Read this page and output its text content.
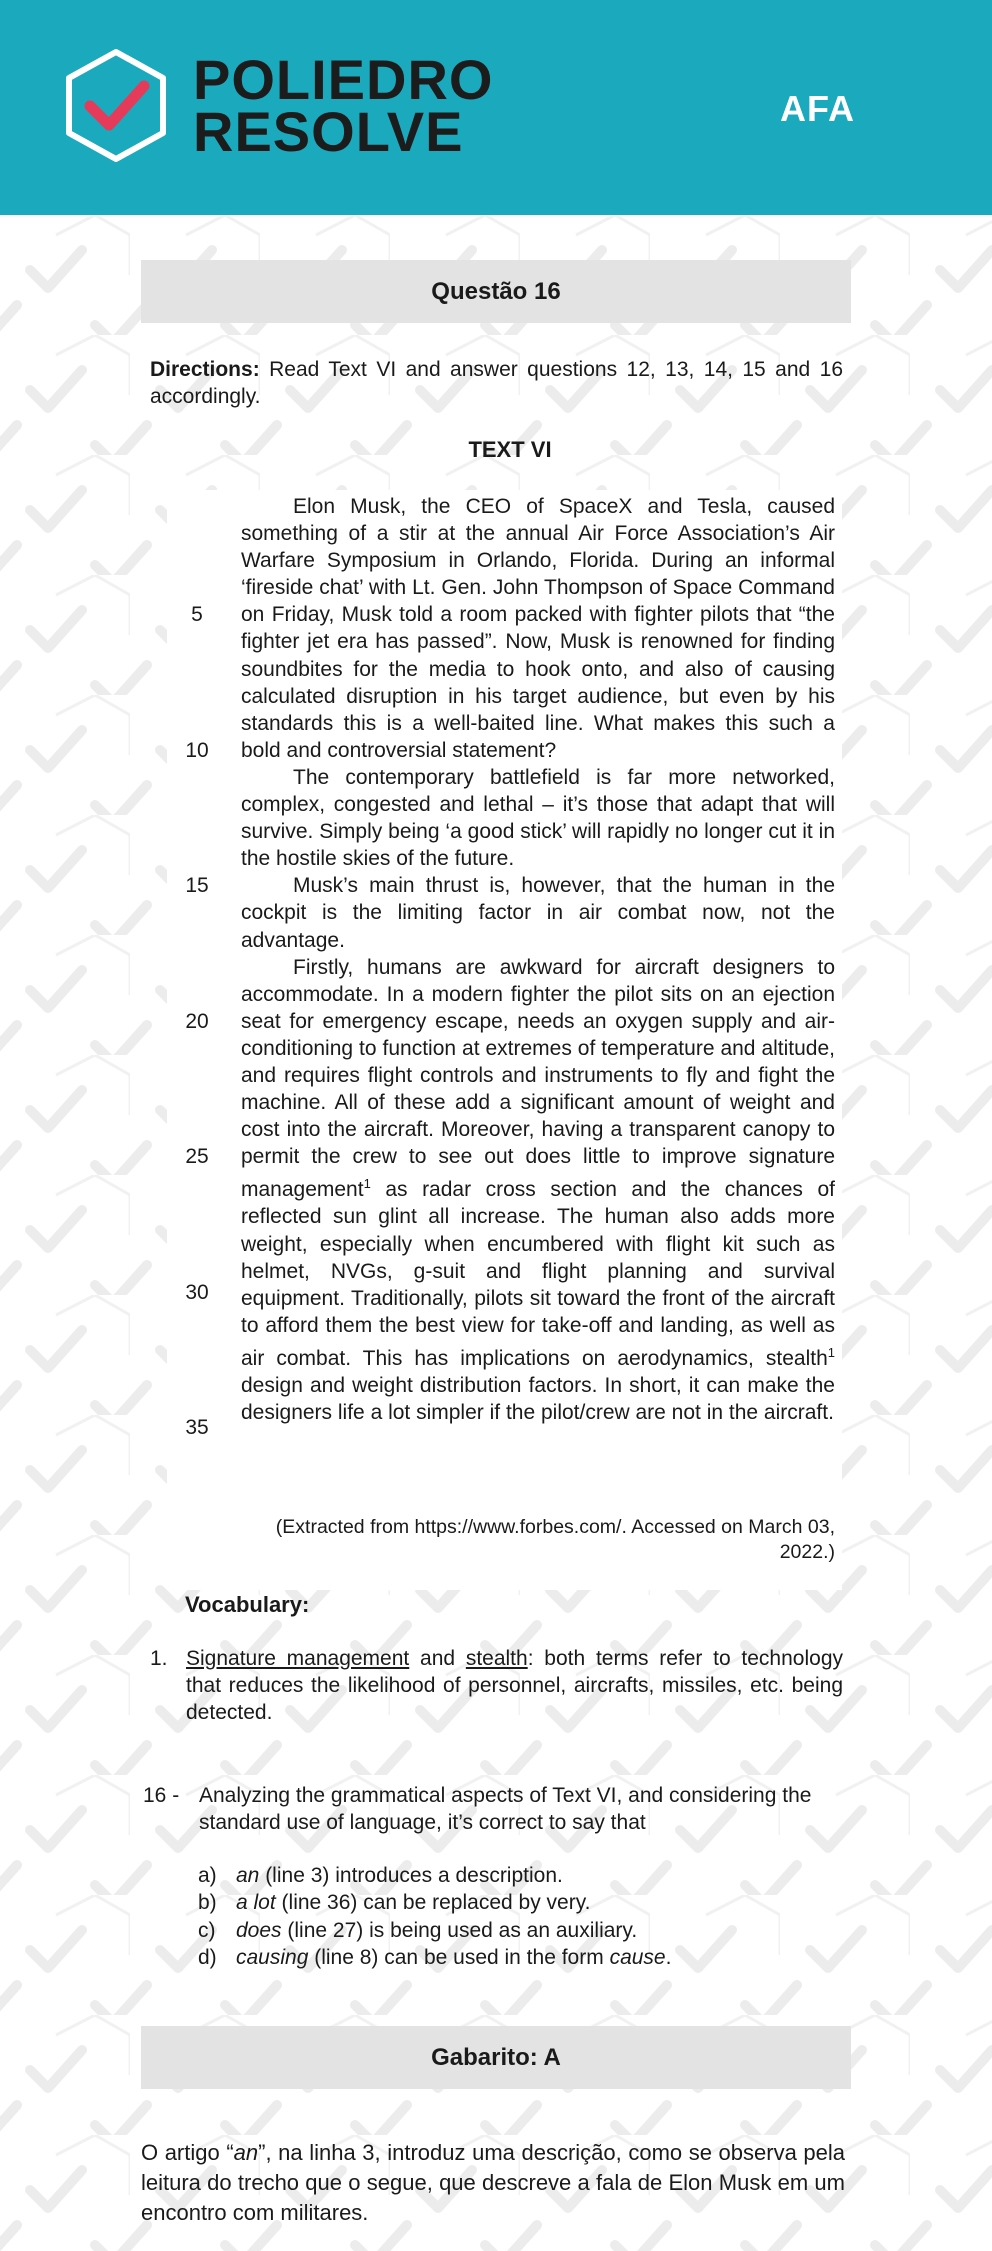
POLIEDRO
RESOLVE	AFA
Questão 16
Directions: Read Text VI and answer questions 12, 13, 14, 15 and 16 accordingly.
TEXT VI
5
10
15
20
25
30
35

Elon Musk, the CEO of SpaceX and Tesla, caused something of a stir at the annual Air Force Association’s Air Warfare Symposium in Orlando, Florida. During an informal ‘fireside chat’ with Lt. Gen. John Thompson of Space Command on Friday, Musk told a room packed with fighter pilots that “the fighter jet era has passed”. Now, Musk is renowned for finding soundbites for the media to hook onto, and also of causing calculated disruption in his target audience, but even by his standards this is a well-baited line. What makes this such a bold and controversial statement?

The contemporary battlefield is far more networked, complex, congested and lethal – it’s those that adapt that will survive. Simply being ‘a good stick’ will rapidly no longer cut it in the hostile skies of the future.

Musk’s main thrust is, however, that the human in the cockpit is the limiting factor in air combat now, not the advantage.

Firstly, humans are awkward for aircraft designers to accommodate. In a modern fighter the pilot sits on an ejection seat for emergency escape, needs an oxygen supply and air-conditioning to function at extremes of temperature and altitude, and requires flight controls and instruments to fly and fight the machine. All of these add a significant amount of weight and cost into the aircraft. Moreover, having a transparent canopy to permit the crew to see out does little to improve signature management$^1$ as radar cross section and the chances of reflected sun glint all increase. The human also adds more weight, especially when encumbered with flight kit such as helmet, NVGs, g-suit and flight planning and survival equipment. Traditionally, pilots sit toward the front of the aircraft to afford them the best view for take-off and landing, as well as air combat. This has implications on aerodynamics, stealth$^1$ design and weight distribution factors. In short, it can make the designers life a lot simpler if the pilot/crew are not in the aircraft.

(Extracted from https://www.forbes.com/. Accessed on March 03, 2022.)
Vocabulary:
1. Signature management and stealth: both terms refer to technology that reduces the likelihood of personnel, aircrafts, missiles, etc. being detected.
16 - Analyzing the grammatical aspects of Text VI, and considering the standard use of language, it’s correct to say that
a) an (line 3) introduces a description.
b) a lot (line 36) can be replaced by very.
c) does (line 27) is being used as an auxiliary.
d) causing (line 8) can be used in the form cause.
Gabarito: A
O artigo “an”, na linha 3, introduz uma descrição, como se observa pela leitura do trecho que o segue, que descreve a fala de Elon Musk em um encontro com militares.
